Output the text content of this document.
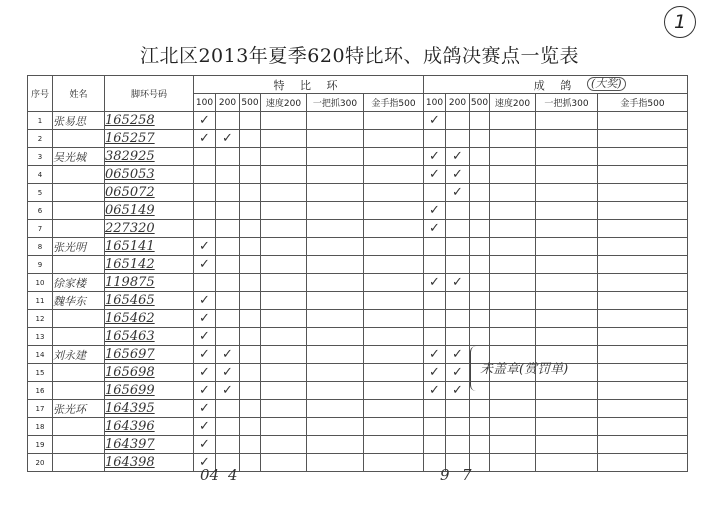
1
江北区2013年夏季620特比环、成鸽决赛点一览表
(大奖)
序号	姓名	脚环号码	特 比 环						成 鸽					
			100	200	500	速度200	一把抓300	金手指500	100	200	500	速度200	一把抓300	金手指500
1	张易思	165258	✓						✓					
2		165257	✓	✓										
3	吴光城	382925							✓	✓				
4		065053							✓	✓				
5		065072								✓				
6		065149							✓					
7		227320							✓					
8	张光明	165141	✓											
9		165142	✓											
10	徐家楼	119875							✓	✓				
11	魏华东	165465	✓											
12		165462	✓											
13		165463	✓											
14	刘永建	165697	✓	✓					✓	✓				
15		165698	✓	✓					✓	✓				
16		165699	✓	✓					✓	✓				
17	张光环	164395	✓											
18		164396	✓											
19		164397	✓											
20		164398	✓											
未盖章(赏罚单)
04 4	9 7
